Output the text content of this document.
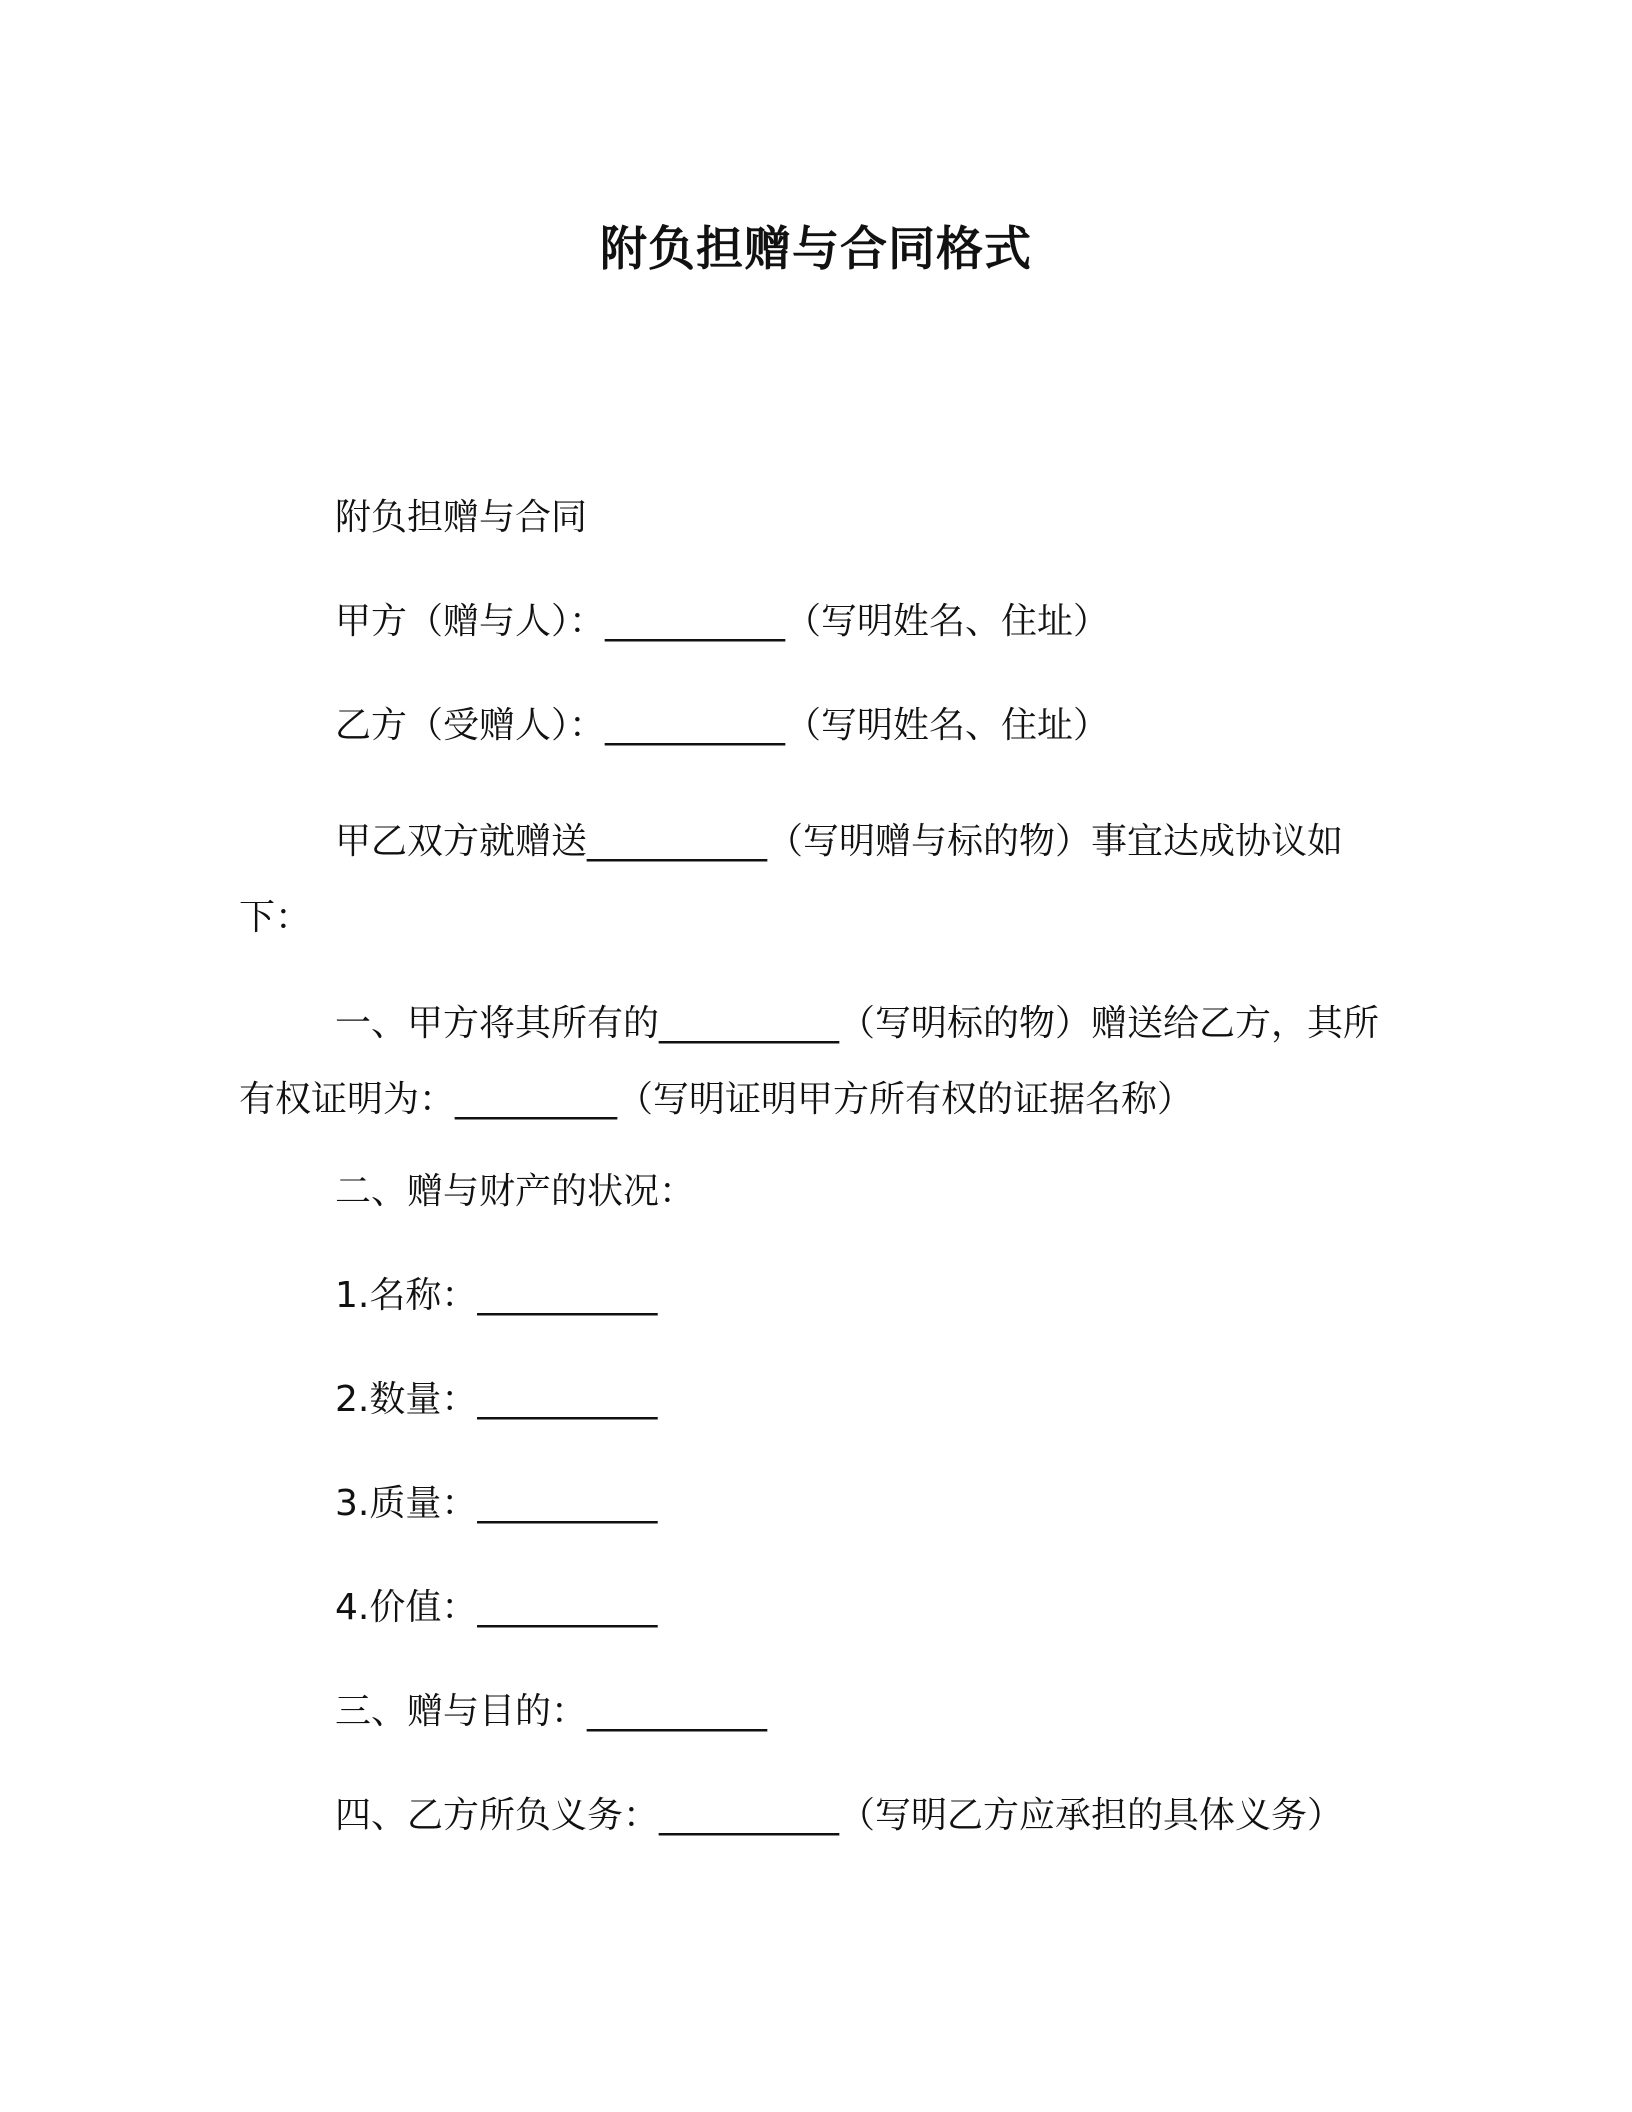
附负担赠与合同格式
附负担赠与合同
甲方（赠与人）：__________（写明姓名、住址）
乙方（受赠人）：__________（写明姓名、住址）
甲乙双方就赠送__________（写明赠与标的物）事宜达成协议如下：
一、甲方将其所有的__________（写明标的物）赠送给乙方，其所有权证明为：_________（写明证明甲方所有权的证据名称）
二、赠与财产的状况：
1.名称：__________
2.数量：__________
3.质量：__________
4.价值：__________
三、赠与目的：__________
四、乙方所负义务：__________（写明乙方应承担的具体义务）
